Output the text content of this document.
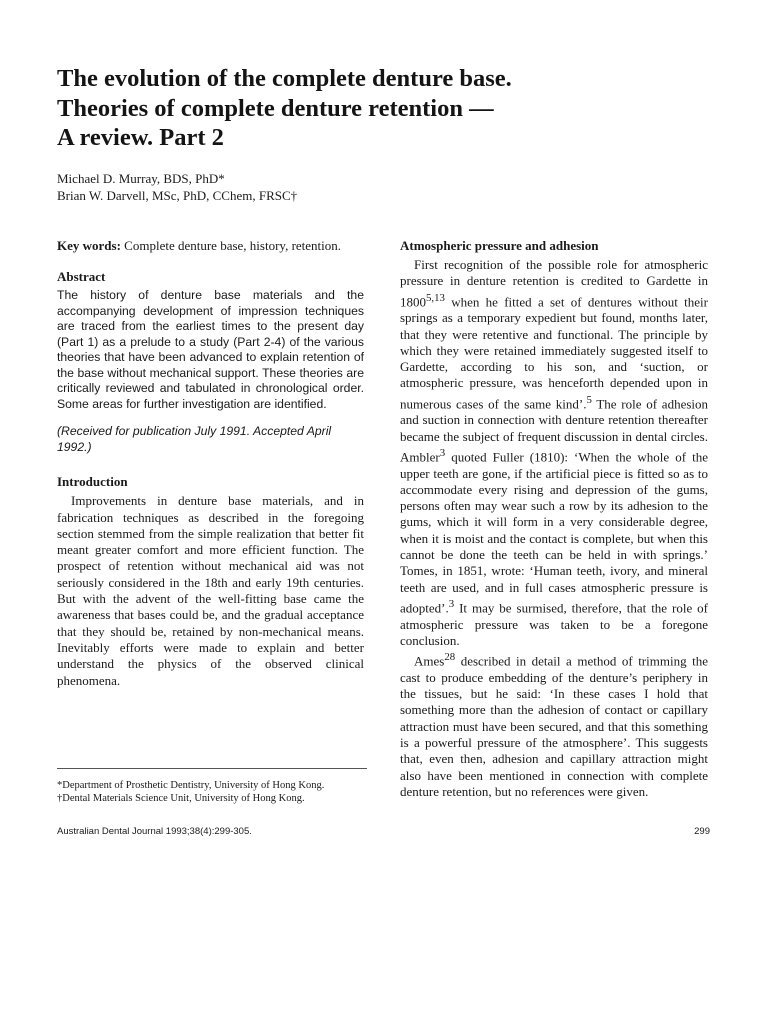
The evolution of the complete denture base.
Theories of complete denture retention —
A review. Part 2
Michael D. Murray, BDS, PhD*
Brian W. Darvell, MSc, PhD, CChem, FRSC†

Key words: Complete denture base, history, retention.

Abstract

The history of denture base materials and the accompanying development of impression techniques are traced from the earliest times to the present day (Part 1) as a prelude to a study (Part 2-4) of the various theories that have been advanced to explain retention of the base without mechanical support. These theories are critically reviewed and tabulated in chronological order. Some areas for further investigation are identified.

(Received for publication July 1991. Accepted April 1992.)

Introduction

Improvements in denture base materials, and in fabrication techniques as described in the foregoing section stemmed from the simple realization that better fit meant greater comfort and more efficient function. The prospect of retention without mechanical aid was not seriously considered in the 18th and early 19th centuries. But with the advent of the well-fitting base came the awareness that bases could be, and the gradual acceptance that they should be, retained by non-mechanical means. Inevitably efforts were made to explain and better understand the physics of the observed clinical phenomena.

Atmospheric pressure and adhesion

First recognition of the possible role for atmospheric pressure in denture retention is credited to Gardette in 1800$^{5,13}$ when he fitted a set of dentures without their springs as a temporary expedient but found, months later, that they were retentive and functional. The principle by which they were retained immediately suggested itself to Gardette, according to his son, and ‘suction, or atmospheric pressure, was henceforth depended upon in numerous cases of the same kind’.$^5$ The role of adhesion and suction in connection with denture retention thereafter became the subject of frequent discussion in dental circles. Ambler$^3$ quoted Fuller (1810): ‘When the whole of the upper teeth are gone, if the artificial piece is fitted so as to accommodate every rising and depression of the gums, persons often may wear such a row by its adhesion to the gums, which it will form in a very considerable degree, when it is moist and the contact is complete, but when this cannot be done the teeth can be held in with springs.’ Tomes, in 1851, wrote: ‘Human teeth, ivory, and mineral teeth are used, and in full cases atmospheric pressure is adopted’.$^3$ It may be surmised, therefore, that the role of atmospheric pressure was taken to be a foregone conclusion.

Ames$^{28}$ described in detail a method of trimming the cast to produce embedding of the denture’s periphery in the tissues, but he said: ‘In these cases I hold that something more than the adhesion of contact or capillary attraction must have been secured, and that this something is a powerful pressure of the atmosphere’. This suggests that, even then, adhesion and capillary attraction might also have been mentioned in connection with complete denture retention, but no references were given.

*Department of Prosthetic Dentistry, University of Hong Kong.
†Dental Materials Science Unit, University of Hong Kong.
Australian Dental Journal 1993;38(4):299-305.	299
